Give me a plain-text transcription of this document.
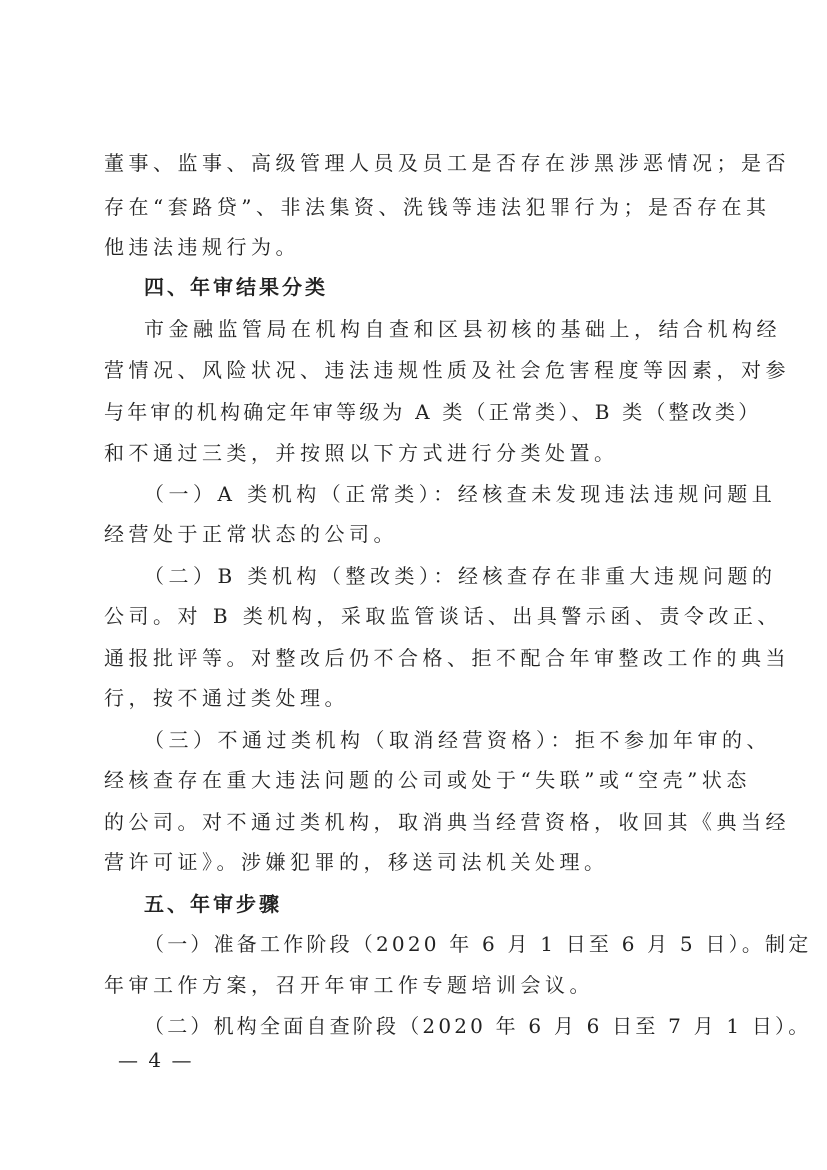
董事、监事、高级管理人员及员工是否存在涉黑涉恶情况；是否
存在“套路贷”、非法集资、洗钱等违法犯罪行为；是否存在其
他违法违规行为。
四、年审结果分类
市金融监管局在机构自查和区县初核的基础上，结合机构经
营情况、风险状况、违法违规性质及社会危害程度等因素，对参
与年审的机构确定年审等级为 A 类（正常类）、B 类（整改类）
和不通过三类，并按照以下方式进行分类处置。
（一）A 类机构（正常类）：经核查未发现违法违规问题且
经营处于正常状态的公司。
（二）B 类机构（整改类）：经核查存在非重大违规问题的
公司。对 B 类机构，采取监管谈话、出具警示函、责令改正、
通报批评等。对整改后仍不合格、拒不配合年审整改工作的典当
行，按不通过类处理。
（三）不通过类机构（取消经营资格）：拒不参加年审的、
经核查存在重大违法问题的公司或处于“失联”或“空壳”状态
的公司。对不通过类机构，取消典当经营资格，收回其《典当经
营许可证》。涉嫌犯罪的，移送司法机关处理。
五、年审步骤
（一）准备工作阶段（2020 年 6 月 1 日至 6 月 5 日）。制定
年审工作方案，召开年审工作专题培训会议。
（二）机构全面自查阶段（2020 年 6 月 6 日至 7 月 1 日）。
— 4 —
